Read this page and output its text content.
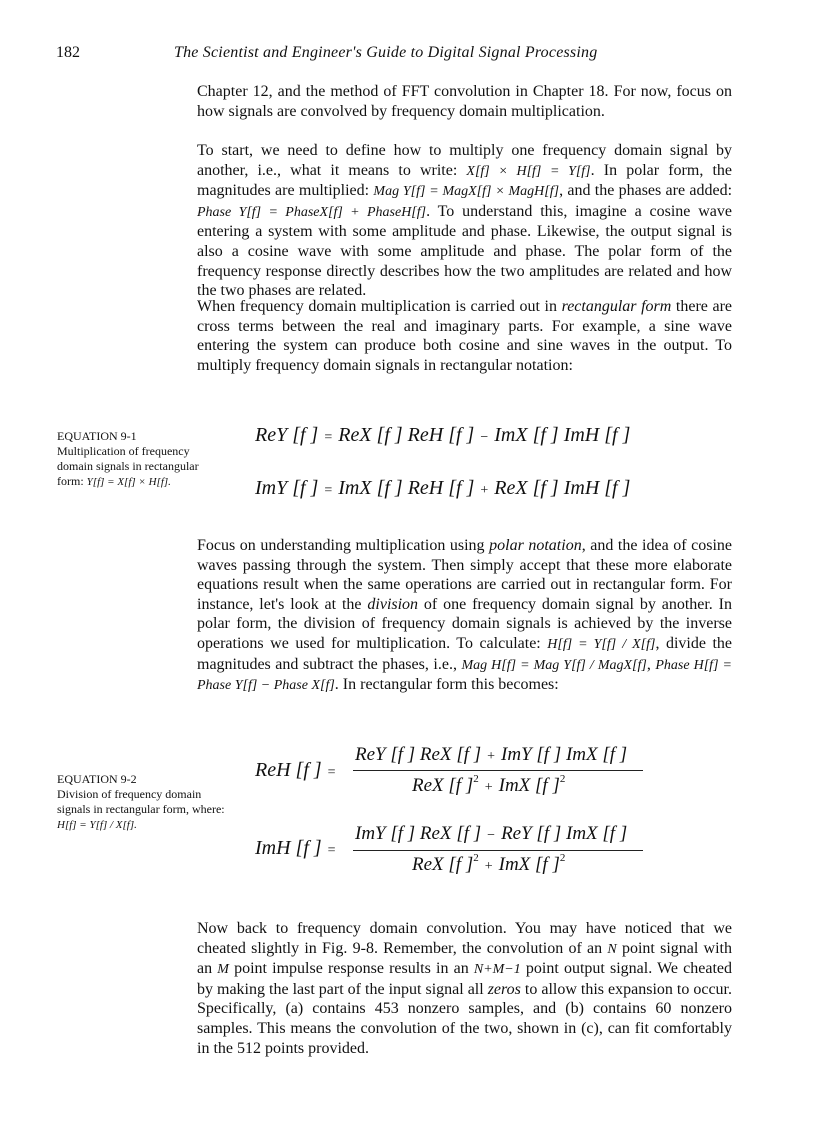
182	The Scientist and Engineer's Guide to Digital Signal Processing

Chapter 12, and the method of FFT convolution in Chapter 18. For now, focus on how signals are convolved by frequency domain multiplication.

To start, we need to define how to multiply one frequency domain signal by another, i.e., what it means to write: X[f] × H[f] = Y[f]. In polar form, the magnitudes are multiplied: Mag Y[f] = MagX[f] × MagH[f], and the phases are added: Phase Y[f] = PhaseX[f] + PhaseH[f]. To understand this, imagine a cosine wave entering a system with some amplitude and phase. Likewise, the output signal is also a cosine wave with some amplitude and phase. The polar form of the frequency response directly describes how the two amplitudes are related and how the two phases are related.

When frequency domain multiplication is carried out in rectangular form there are cross terms between the real and imaginary parts. For example, a sine wave entering the system can produce both cosine and sine waves in the output. To multiply frequency domain signals in rectangular notation:

EQUATION 9-1
Multiplication of frequency domain signals in rectangular form: Y[f] = X[f] × H[f].
ReY [f ] = ReX [f ] ReH [f ] − ImX [f ] ImH [f ]
ImY [f ] = ImX [f ] ReH [f ] + ReX [f ] ImH [f ]

Focus on understanding multiplication using polar notation, and the idea of cosine waves passing through the system. Then simply accept that these more elaborate equations result when the same operations are carried out in rectangular form. For instance, let's look at the division of one frequency domain signal by another. In polar form, the division of frequency domain signals is achieved by the inverse operations we used for multiplication. To calculate: H[f] = Y[f] / X[f], divide the magnitudes and subtract the phases, i.e., Mag H[f] = Mag Y[f] / MagX[f], Phase H[f] = Phase Y[f] − Phase X[f]. In rectangular form this becomes:

EQUATION 9-2
Division of frequency domain signals in rectangular form, where: H[f] = Y[f] / X[f].
ReH [f ] =
ReY [f ] ReX [f ] + ImY [f ] ImX [f ]
ReX [f ]$^2$+ ImX [f ]$^2$
ImH [f ] =
ImY [f ] ReX [f ] − ReY [f ] ImX [f ]
ReX [f ]$^2$+ ImX [f ]$^2$

Now back to frequency domain convolution. You may have noticed that we cheated slightly in Fig. 9-8. Remember, the convolution of an N point signal with an M point impulse response results in an N+M−1 point output signal. We cheated by making the last part of the input signal all zeros to allow this expansion to occur. Specifically, (a) contains 453 nonzero samples, and (b) contains 60 nonzero samples. This means the convolution of the two, shown in (c), can fit comfortably in the 512 points provided.
